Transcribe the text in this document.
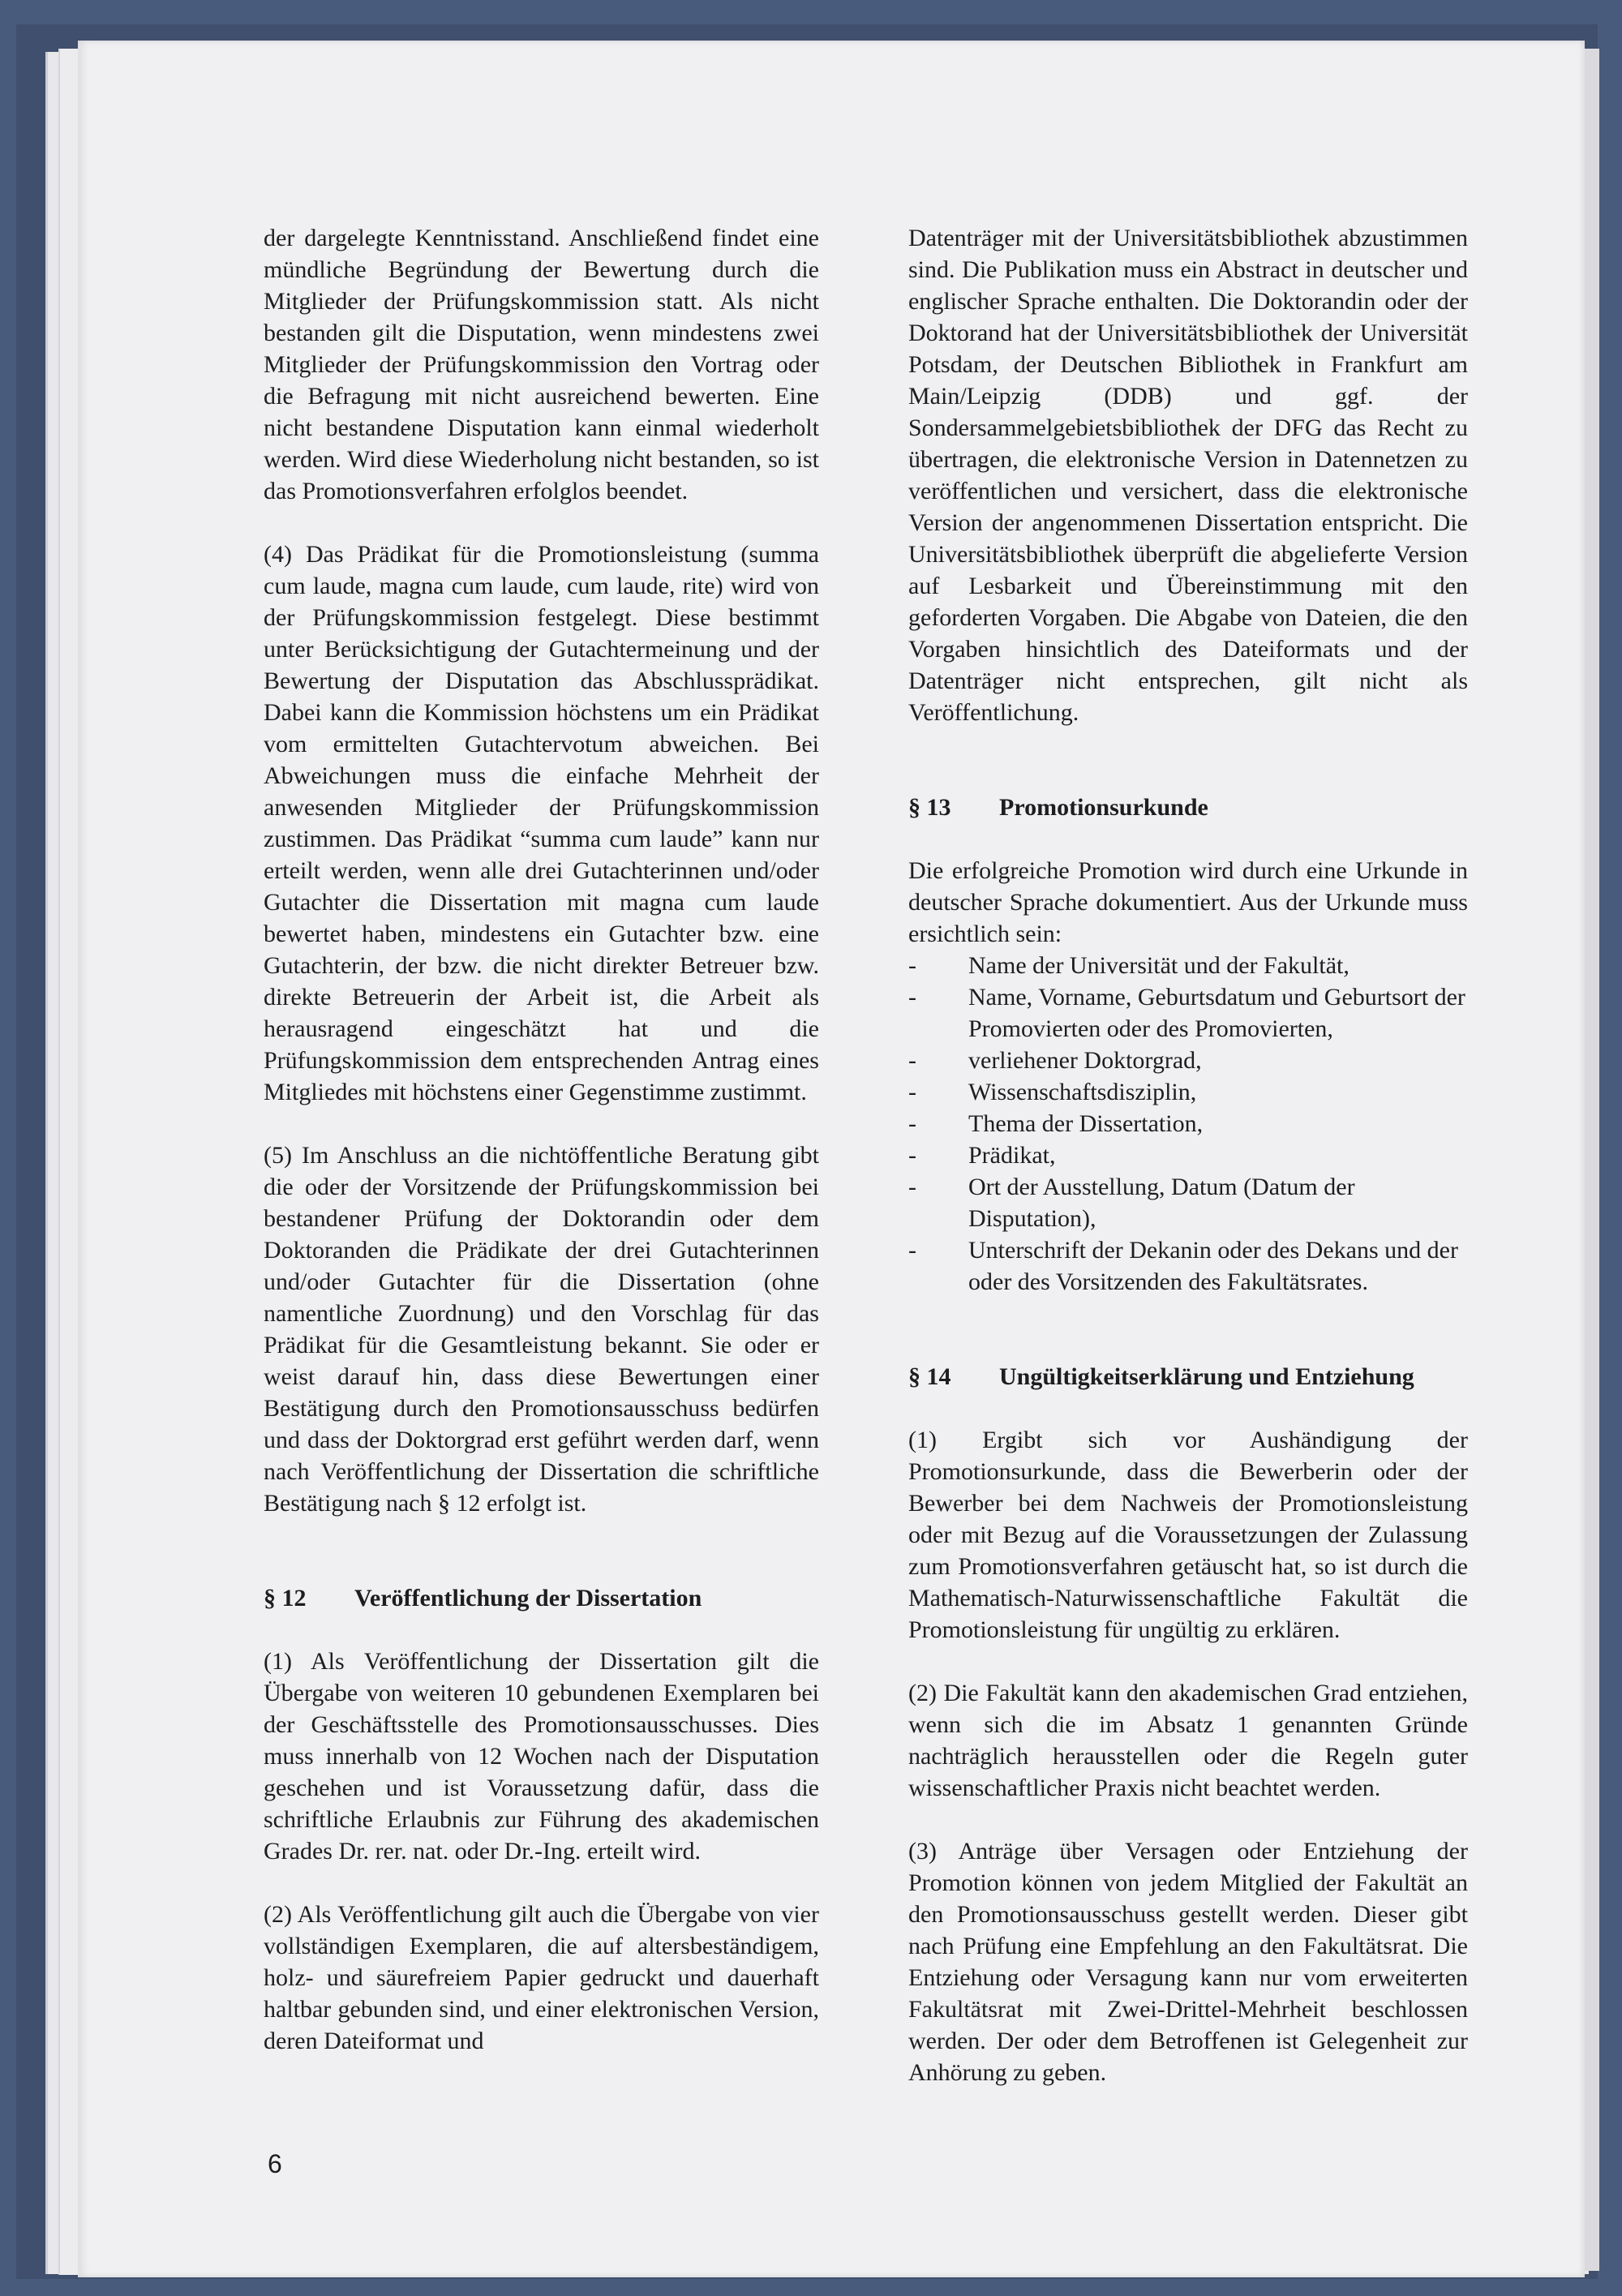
der dargelegte Kenntnisstand. Anschließend findet eine mündliche Begründung der Bewertung durch die Mitglieder der Prüfungskommission statt. Als nicht bestanden gilt die Disputation, wenn mindestens zwei Mitglieder der Prüfungskommission den Vortrag oder die Befragung mit nicht ausreichend bewerten. Eine nicht bestandene Disputation kann einmal wiederholt werden. Wird diese Wiederholung nicht bestanden, so ist das Promotionsverfahren erfolglos beendet.

(4) Das Prädikat für die Promotionsleistung (summa cum laude, magna cum laude, cum laude, rite) wird von der Prüfungskommission festgelegt. Diese bestimmt unter Berücksichtigung der Gutachtermeinung und der Bewertung der Disputation das Abschlussprädikat. Dabei kann die Kommission höchstens um ein Prädikat vom ermittelten Gutachtervotum abweichen. Bei Abweichungen muss die einfache Mehrheit der anwesenden Mitglieder der Prüfungskommission zustimmen. Das Prädikat “summa cum laude” kann nur erteilt werden, wenn alle drei Gutachterinnen und/oder Gutachter die Dissertation mit magna cum laude bewertet haben, mindestens ein Gutachter bzw. eine Gutachterin, der bzw. die nicht direkter Betreuer bzw. direkte Betreuerin der Arbeit ist, die Arbeit als herausragend eingeschätzt hat und die Prüfungskommission dem entsprechenden Antrag eines Mitgliedes mit höchstens einer Gegenstimme zustimmt.

(5) Im Anschluss an die nichtöffentliche Beratung gibt die oder der Vorsitzende der Prüfungskommission bei bestandener Prüfung der Doktorandin oder dem Doktoranden die Prädikate der drei Gutachterinnen und/oder Gutachter für die Dissertation (ohne namentliche Zuordnung) und den Vorschlag für das Prädikat für die Gesamtleistung bekannt. Sie oder er weist darauf hin, dass diese Bewertungen einer Bestätigung durch den Promotionsausschuss bedürfen und dass der Doktorgrad erst geführt werden darf, wenn nach Veröffentlichung der Dissertation die schriftliche Bestätigung nach § 12 erfolgt ist.

§ 12	Veröffentlichung der Dissertation

(1) Als Veröffentlichung der Dissertation gilt die Übergabe von weiteren 10 gebundenen Exemplaren bei der Geschäftsstelle des Promotionsausschusses. Dies muss innerhalb von 12 Wochen nach der Disputation geschehen und ist Voraussetzung dafür, dass die schriftliche Erlaubnis zur Führung des akademischen Grades Dr. rer. nat. oder Dr.-Ing. erteilt wird.

(2) Als Veröffentlichung gilt auch die Übergabe von vier vollständigen Exemplaren, die auf altersbeständigem, holz- und säurefreiem Papier gedruckt und dauerhaft haltbar gebunden sind, und einer elektronischen Version, deren Dateiformat und

Datenträger mit der Universitätsbibliothek abzustimmen sind. Die Publikation muss ein Abstract in deutscher und englischer Sprache enthalten. Die Doktorandin oder der Doktorand hat der Universitätsbibliothek der Universität Potsdam, der Deutschen Bibliothek in Frankfurt am Main/Leipzig (DDB) und ggf. der Sondersammelgebietsbibliothek der DFG das Recht zu übertragen, die elektronische Version in Datennetzen zu veröffentlichen und versichert, dass die elektronische Version der angenommenen Dissertation entspricht. Die Universitätsbibliothek überprüft die abgelieferte Version auf Lesbarkeit und Übereinstimmung mit den geforderten Vorgaben. Die Abgabe von Dateien, die den Vorgaben hinsichtlich des Dateiformats und der Datenträger nicht entsprechen, gilt nicht als Veröffentlichung.

§ 13	Promotionsurkunde

Die erfolgreiche Promotion wird durch eine Urkunde in deutscher Sprache dokumentiert. Aus der Urkunde muss ersichtlich sein:

- Name der Universität und der Fakultät,
- Name, Vorname, Geburtsdatum und Geburtsort der Promovierten oder des Promovierten,
- verliehener Doktorgrad,
- Wissenschaftsdisziplin,
- Thema der Dissertation,
- Prädikat,
- Ort der Ausstellung, Datum (Datum der Disputation),
- Unterschrift der Dekanin oder des Dekans und der oder des Vorsitzenden des Fakultätsrates.

§ 14	Ungültigkeitserklärung und Entziehung

(1) Ergibt sich vor Aushändigung der Promotionsurkunde, dass die Bewerberin oder der Bewerber bei dem Nachweis der Promotionsleistung oder mit Bezug auf die Voraussetzungen der Zulassung zum Promotionsverfahren getäuscht hat, so ist durch die Mathematisch-Naturwissenschaftliche Fakultät die Promotionsleistung für ungültig zu erklären.

(2) Die Fakultät kann den akademischen Grad entziehen, wenn sich die im Absatz 1 genannten Gründe nachträglich herausstellen oder die Regeln guter wissenschaftlicher Praxis nicht beachtet werden.

(3) Anträge über Versagen oder Entziehung der Promotion können von jedem Mitglied der Fakultät an den Promotionsausschuss gestellt werden. Dieser gibt nach Prüfung eine Empfehlung an den Fakultätsrat. Die Entziehung oder Versagung kann nur vom erweiterten Fakultätsrat mit Zwei-Drittel-Mehrheit beschlossen werden. Der oder dem Betroffenen ist Gelegenheit zur Anhörung zu geben.

6
